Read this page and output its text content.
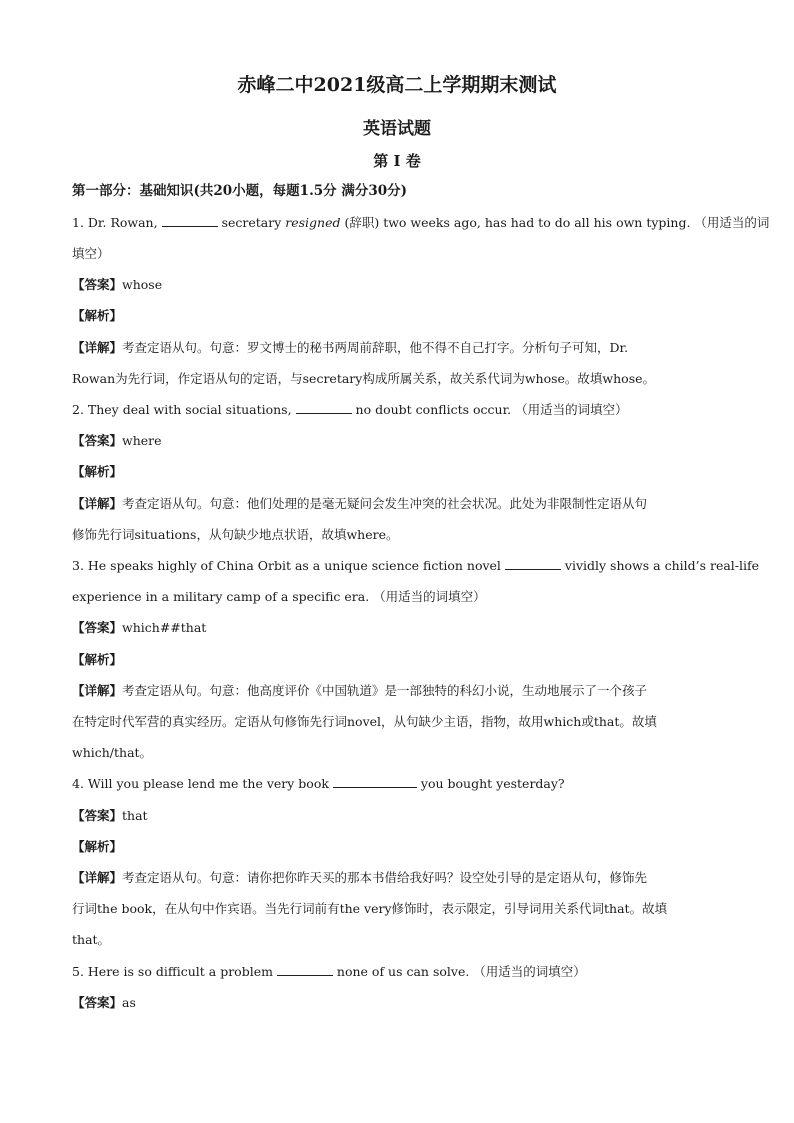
赤峰二中2021级高二上学期期末测试
英语试题
第 I 卷
第一部分：基础知识(共20小题，每题1.5分 满分30分)
1. Dr. Rowan,	secretary resigned (辞职) two weeks ago, has had to do all his own typing. （用适当的词
填空）
【答案】whose
【解析】
【详解】考查定语从句。句意：罗文博士的秘书两周前辞职，他不得不自己打字。分析句子可知，Dr.
Rowan为先行词，作定语从句的定语，与secretary构成所属关系，故关系代词为whose。故填whose。
2. They deal with social situations,	no doubt conflicts occur. （用适当的词填空）
【答案】where
【解析】
【详解】考查定语从句。句意：他们处理的是毫无疑问会发生冲突的社会状况。此处为非限制性定语从句
修饰先行词situations，从句缺少地点状语，故填where。
3. He speaks highly of China Orbit as a unique science fiction novel	vividly shows a child’s real-life
experience in a military camp of a specific era. （用适当的词填空）
【答案】which##that
【解析】
【详解】考查定语从句。句意：他高度评价《中国轨道》是一部独特的科幻小说，生动地展示了一个孩子
在特定时代军营的真实经历。定语从句修饰先行词novel，从句缺少主语，指物，故用which或that。故填
which/that。
4. Will you please lend me the very book	you bought yesterday?
【答案】that
【解析】
【详解】考查定语从句。句意：请你把你昨天买的那本书借给我好吗？设空处引导的是定语从句，修饰先
行词the book，在从句中作宾语。当先行词前有the very修饰时，表示限定，引导词用关系代词that。故填
that。
5. Here is so difficult a problem	none of us can solve. （用适当的词填空）
【答案】as
